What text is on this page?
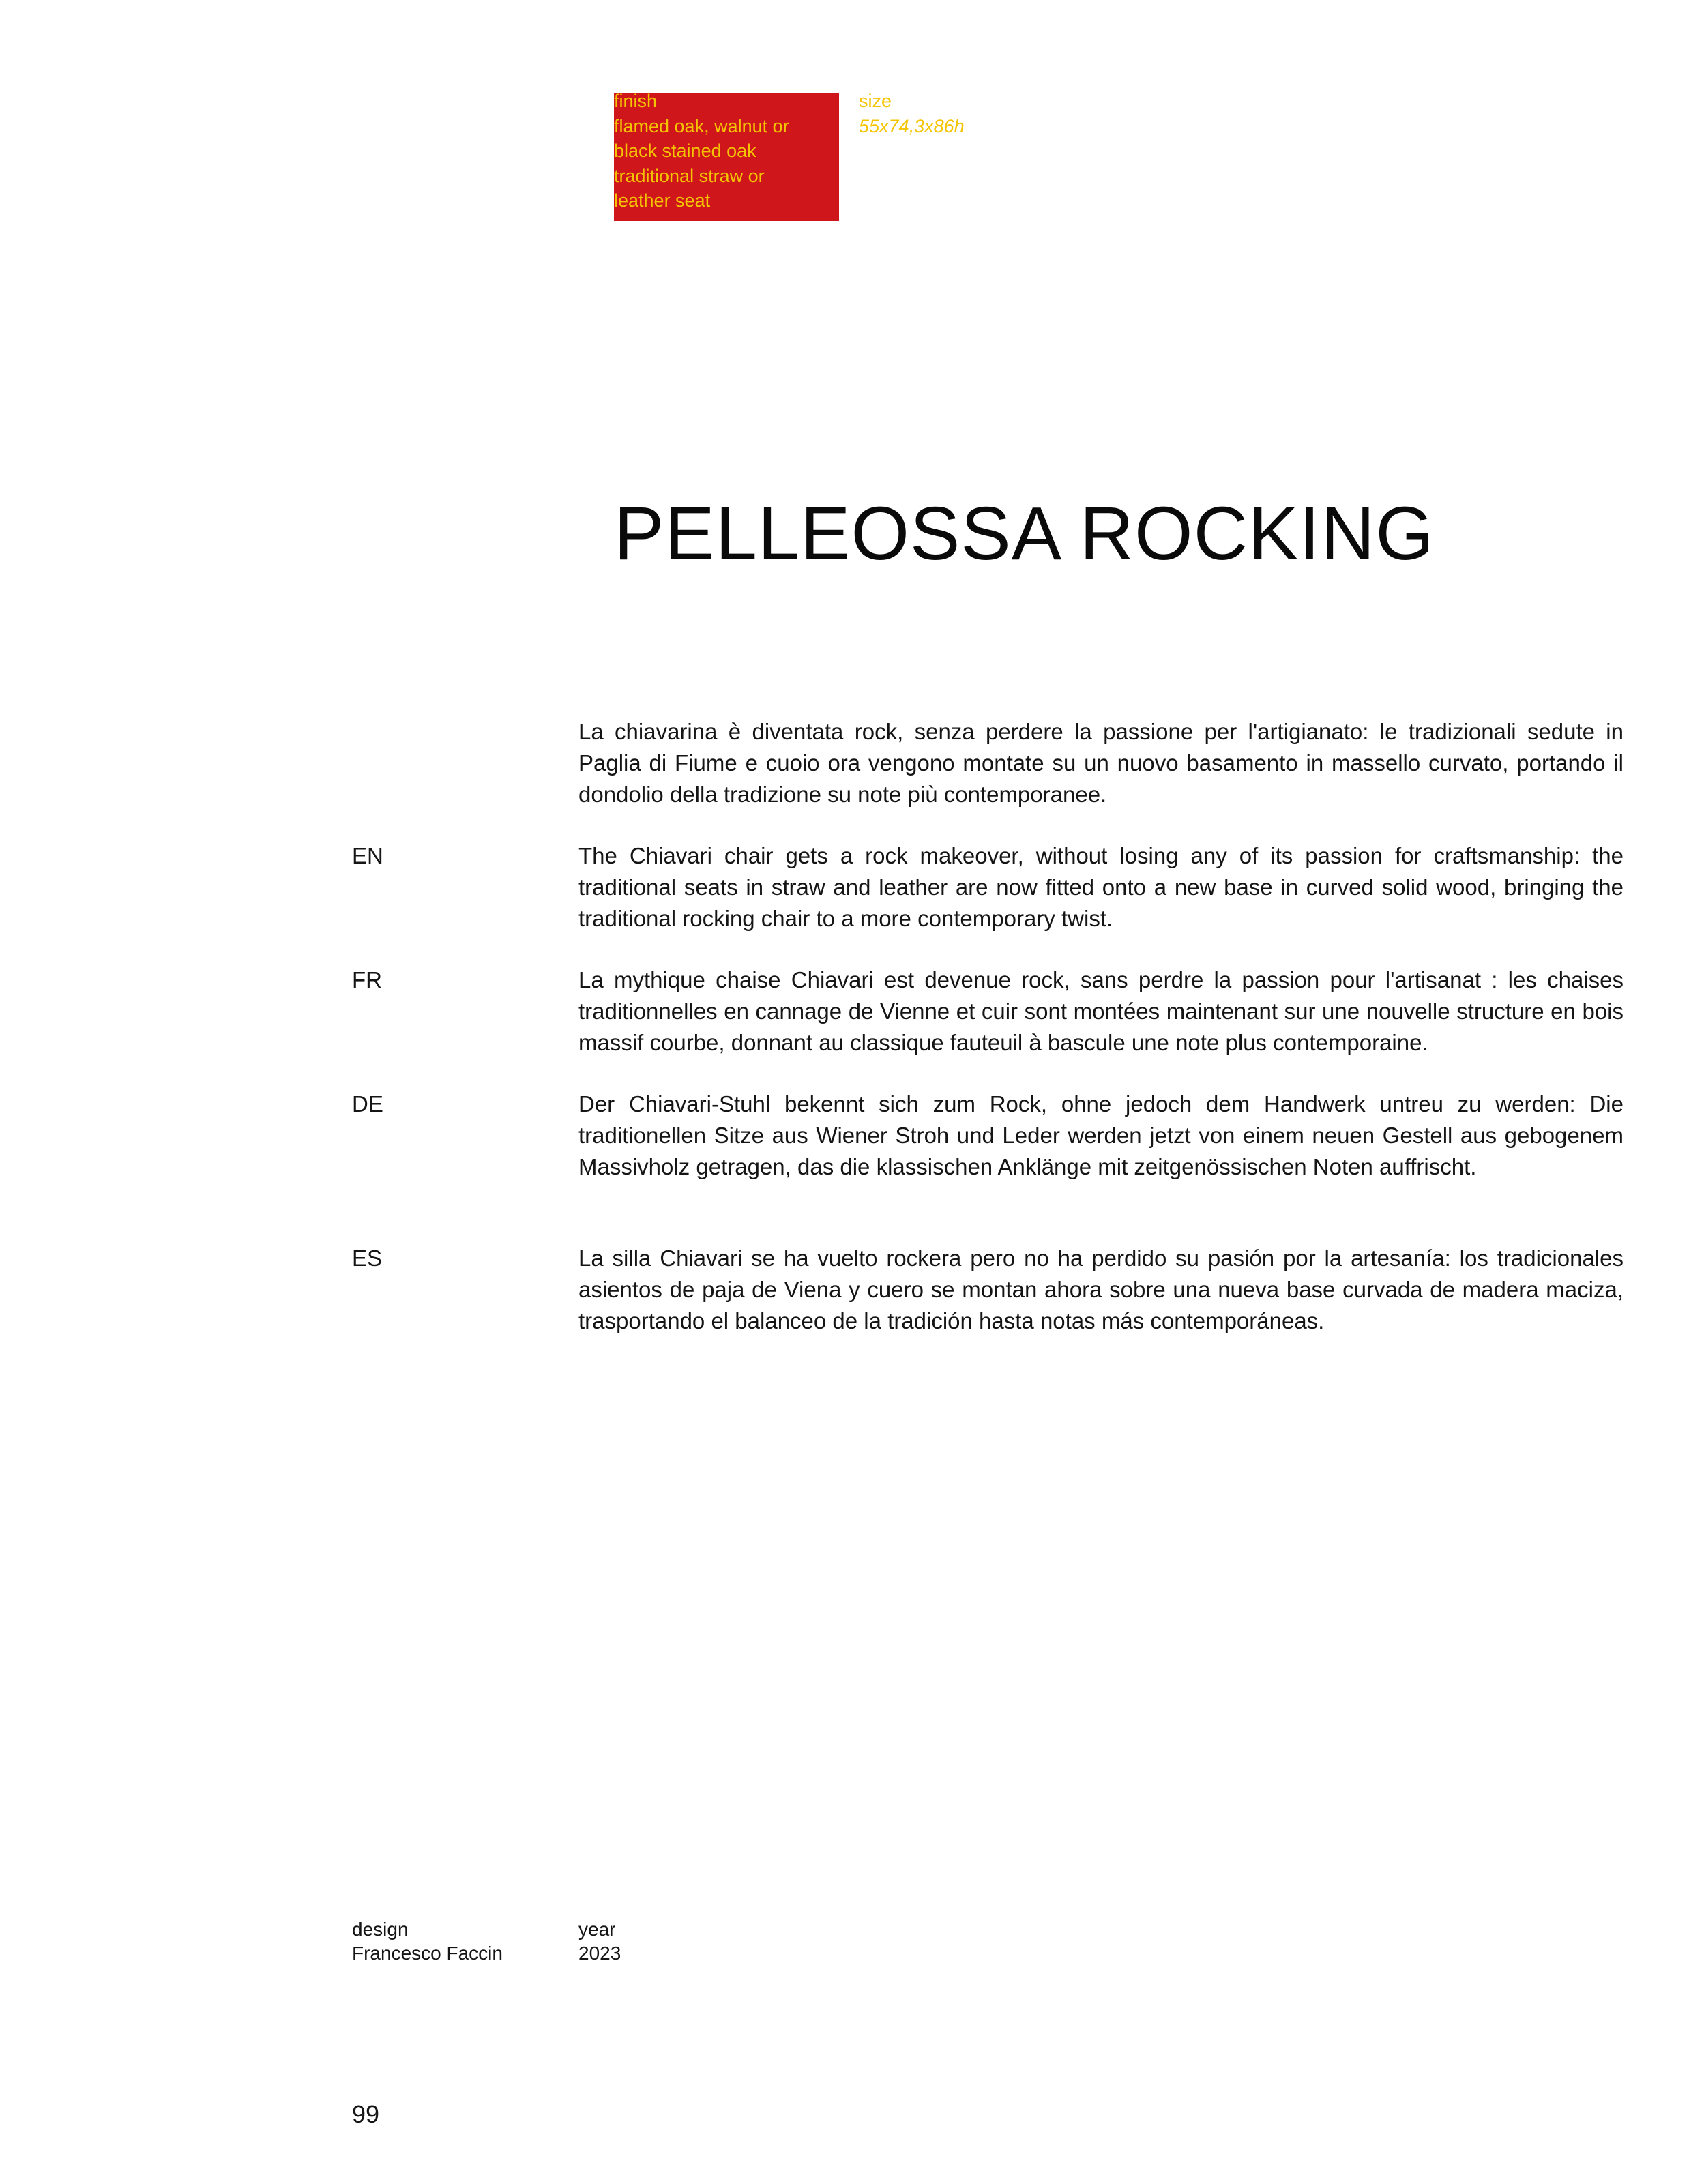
finish
flamed oak, walnut or
black stained oak
traditional straw or
leather seat
size
55x74,3x86h
PELLEOSSA ROCKING

La chiavarina è diventata rock, senza perdere la passione per l'artigianato: le tradizionali sedute in Paglia di Fiume e cuoio ora vengono montate su un nuovo basamento in massello curvato, portando il dondolio della tradizione su note più contemporanee.

EN	The Chiavari chair gets a rock makeover, without losing any of its passion for craftsmanship: the traditional seats in straw and leather are now fitted onto a new base in curved solid wood, bringing the traditional rocking chair to a more contemporary twist.

FR	La mythique chaise Chiavari est devenue rock, sans perdre la passion pour l'artisanat : les chaises traditionnelles en cannage de Vienne et cuir sont montées maintenant sur une nouvelle structure en bois massif courbe, donnant au classique fauteuil à bascule une note plus contemporaine.

DE	Der Chiavari-Stuhl bekennt sich zum Rock, ohne jedoch dem Handwerk untreu zu werden: Die traditionellen Sitze aus Wiener Stroh und Leder werden jetzt von einem neuen Gestell aus gebogenem Massivholz getragen, das die klassischen Anklänge mit zeitgenössischen Noten auffrischt.

ES	La silla Chiavari se ha vuelto rockera pero no ha perdido su pasión por la artesanía: los tradicionales asientos de paja de Viena y cuero se montan ahora sobre una nueva base curvada de madera maciza, trasportando el balanceo de la tradición hasta notas más contemporáneas.

design
Francesco Faccin
year
2023

99
